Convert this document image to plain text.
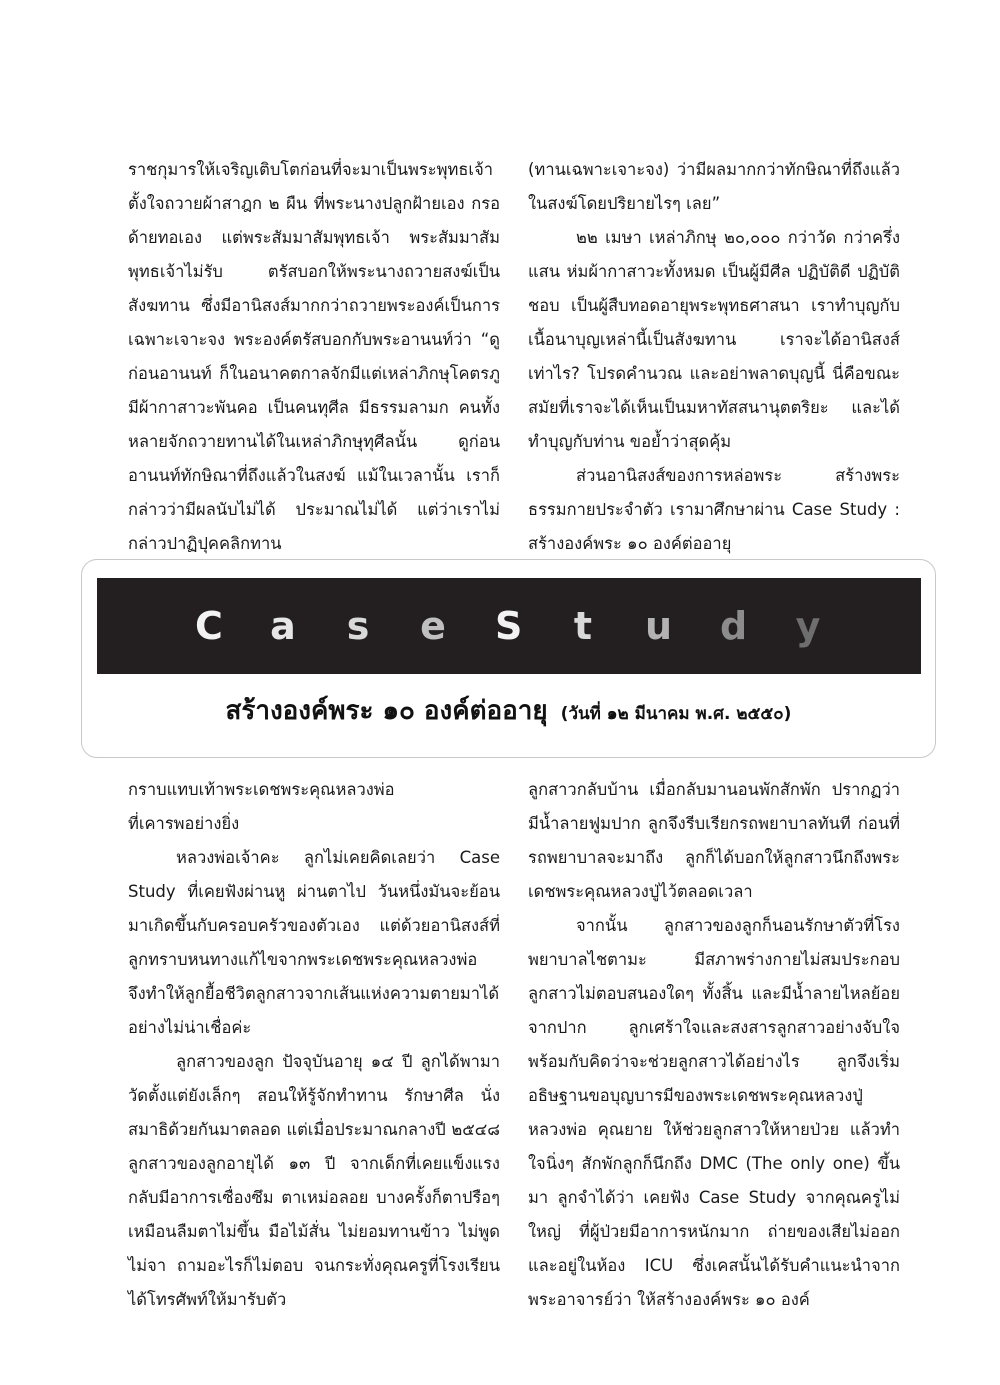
ราชกุมารให้เจริญเติบโตก่อนที่จะมาเป็นพระพุทธเจ้า ตั้งใจถวายผ้าสาฎก ๒ ผืน ที่พระนางปลูกฝ้ายเอง กรอด้ายทอเอง แต่พระสัมมาสัมพุทธเจ้า พระสัมมาสัมพุทธเจ้าไม่รับ ตรัสบอกให้พระนางถวายสงฆ์เป็นสังฆทาน ซึ่งมีอานิสงส์มากกว่าถวายพระองค์เป็นการเฉพาะเจาะจง พระองค์ตรัสบอกกับพระอานนท์ว่า “ดูก่อนอานนท์ ก็ในอนาคตกาลจักมีแต่เหล่าภิกษุโคตรภู มีผ้ากาสาวะพันคอ เป็นคนทุศีล มีธรรมลามก คนทั้งหลายจักถวายทานได้ในเหล่าภิกษุทุศีลนั้น ดูก่อนอานนท์ทักษิณาที่ถึงแล้วในสงฆ์ แม้ในเวลานั้น เราก็กล่าวว่ามีผลนับไม่ได้ ประมาณไม่ได้ แต่ว่าเราไม่กล่าวปาฏิปุคคลิกทาน

(ทานเฉพาะเจาะจง) ว่ามีผลมากกว่าทักษิณาที่ถึงแล้วในสงฆ์โดยปริยายไรๆ เลย”

๒๒ เมษา เหล่าภิกษุ ๒๐,๐๐๐ กว่าวัด กว่าครึ่งแสน ห่มผ้ากาสาวะทั้งหมด เป็นผู้มีศีล ปฏิบัติดี ปฏิบัติชอบ เป็นผู้สืบทอดอายุพระพุทธศาสนา เราทำบุญกับเนื้อนาบุญเหล่านี้เป็นสังฆทาน เราจะได้อานิสงส์เท่าไร? โปรดคำนวณ และอย่าพลาดบุญนี้ นี่คือขณะสมัยที่เราจะได้เห็นเป็นมหาทัสสนานุตตริยะ และได้ทำบุญกับท่าน ขอย้ำว่าสุดคุ้ม

ส่วนอานิสงส์ของการหล่อพระ สร้างพระธรรมกายประจำตัว เรามาศึกษาผ่าน Case Study : สร้างองค์พระ ๑๐ องค์ต่ออายุ

C a s e S t u d y
สร้างองค์พระ ๑๐ องค์ต่ออายุ (วันที่ ๑๒ มีนาคม พ.ศ. ๒๕๕๐)

กราบแทบเท้าพระเดชพระคุณหลวงพ่อ

ที่เคารพอย่างยิ่ง

หลวงพ่อเจ้าคะ ลูกไม่เคยคิดเลยว่า Case Study ที่เคยฟังผ่านหู ผ่านตาไป วันหนึ่งมันจะย้อนมาเกิดขึ้นกับครอบครัวของตัวเอง แต่ด้วยอานิสงส์ที่ลูกทราบหนทางแก้ไขจากพระเดชพระคุณหลวงพ่อ จึงทำให้ลูกยื้อชีวิตลูกสาวจากเส้นแห่งความตายมาได้อย่างไม่น่าเชื่อค่ะ

ลูกสาวของลูก ปัจจุบันอายุ ๑๔ ปี ลูกได้พามาวัดตั้งแต่ยังเล็กๆ สอนให้รู้จักทำทาน รักษาศีล นั่งสมาธิด้วยกันมาตลอด แต่เมื่อประมาณกลางปี ๒๕๔๘ ลูกสาวของลูกอายุได้ ๑๓ ปี จากเด็กที่เคยแข็งแรง กลับมีอาการเซื่องซึม ตาเหม่อลอย บางครั้งก็ตาปรือๆ เหมือนลืมตาไม่ขึ้น มือไม้สั่น ไม่ยอมทานข้าว ไม่พูดไม่จา ถามอะไรก็ไม่ตอบ จนกระทั่งคุณครูที่โรงเรียนได้โทรศัพท์ให้มารับตัว

ลูกสาวกลับบ้าน เมื่อกลับมานอนพักสักพัก ปรากฏว่า มีน้ำลายฟูมปาก ลูกจึงรีบเรียกรถพยาบาลทันที ก่อนที่รถพยาบาลจะมาถึง ลูกก็ได้บอกให้ลูกสาวนึกถึงพระเดชพระคุณหลวงปู่ไว้ตลอดเวลา

จากนั้น ลูกสาวของลูกก็นอนรักษาตัวที่โรงพยาบาลไชตามะ มีสภาพร่างกายไม่สมประกอบ ลูกสาวไม่ตอบสนองใดๆ ทั้งสิ้น และมีน้ำลายไหลย้อยจากปาก ลูกเศร้าใจและสงสารลูกสาวอย่างจับใจ พร้อมกับคิดว่าจะช่วยลูกสาวได้อย่างไร ลูกจึงเริ่มอธิษฐานขอบุญบารมีของพระเดชพระคุณหลวงปู่ หลวงพ่อ คุณยาย ให้ช่วยลูกสาวให้หายป่วย แล้วทำใจนิ่งๆ สักพักลูกก็นึกถึง DMC (The only one) ขึ้นมา ลูกจำได้ว่า เคยฟัง Case Study จากคุณครูไม่ใหญ่ ที่ผู้ป่วยมีอาการหนักมาก ถ่ายของเสียไม่ออก และอยู่ในห้อง ICU ซึ่งเคสนั้นได้รับคำแนะนำจากพระอาจารย์ว่า ให้สร้างองค์พระ ๑๐ องค์
